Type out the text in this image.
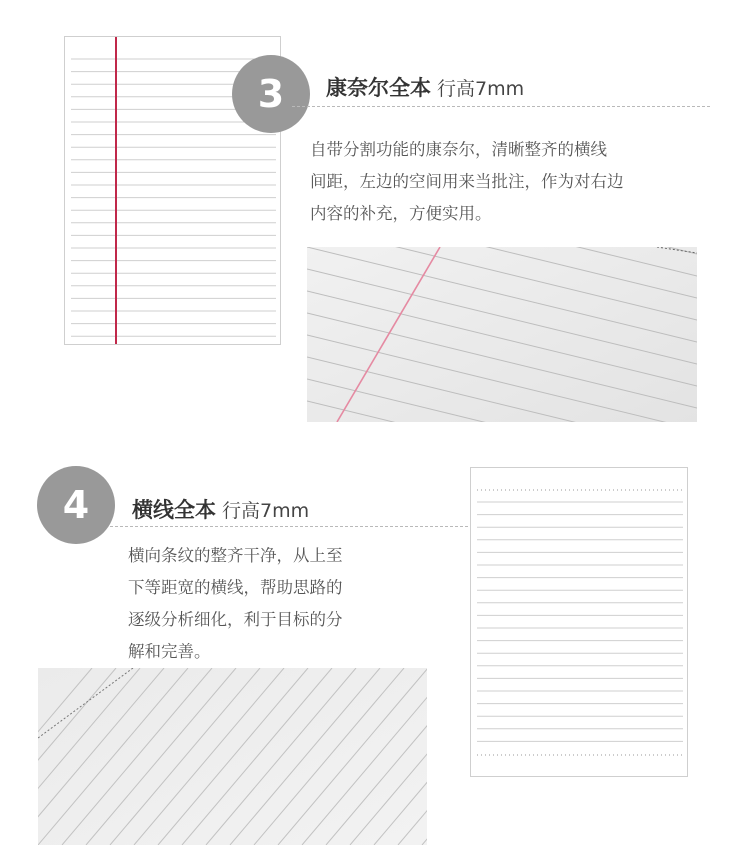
3	康奈尔全本 行高7mm
自带分割功能的康奈尔，清晰整齐的横线
间距，左边的空间用来当批注，作为对右边
内容的补充，方便实用。
4	横线全本 行高7mm
横向条纹的整齐干净，从上至
下等距宽的横线，帮助思路的
逐级分析细化，利于目标的分
解和完善。
